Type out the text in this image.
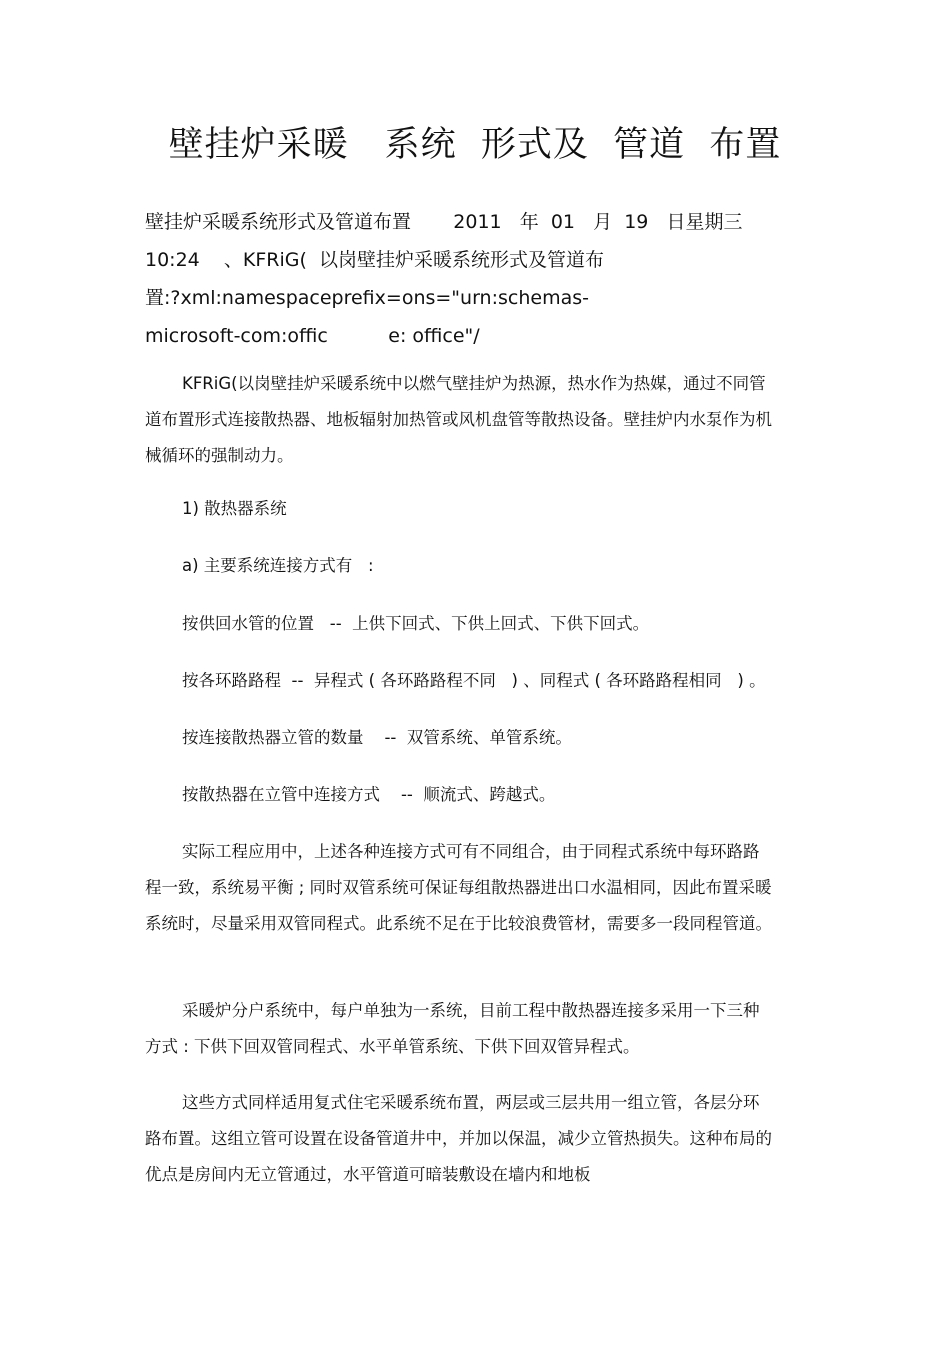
壁挂炉采暖　系统  形式及  管道  布置
壁挂炉采暖系统形式及管道布置       2011   年  01   月  19   日星期三
10:24    、KFRiG(  以岗壁挂炉采暖系统形式及管道布
置:?xml:namespaceprefix=ons="urn:schemas-
microsoft-com:offic          e: office"/

KFRiG(以岗壁挂炉采暖系统中以燃气壁挂炉为热源，热水作为热媒，通过不同管道布置形式连接散热器、地板辐射加热管或风机盘管等散热设备。壁挂炉内水泵作为机械循环的强制动力。

1) 散热器系统

a) 主要系统连接方式有   :

按供回水管的位置   --  上供下回式、下供上回式、下供下回式。

按各环路路程  --  异程式 ( 各环路路程不同   ) 、同程式 ( 各环路路程相同   ) 。

按连接散热器立管的数量    --  双管系统、单管系统。

按散热器在立管中连接方式    --  顺流式、跨越式。

实际工程应用中，上述各种连接方式可有不同组合，由于同程式系统中每环路路程一致，系统易平衡 ; 同时双管系统可保证每组散热器进出口水温相同，因此布置采暖系统时，尽量采用双管同程式。此系统不足在于比较浪费管材，需要多一段同程管道。

采暖炉分户系统中，每户单独为一系统，目前工程中散热器连接多采用一下三种方式 : 下供下回双管同程式、水平单管系统、下供下回双管异程式。

这些方式同样适用复式住宅采暖系统布置，两层或三层共用一组立管，各层分环路布置。这组立管可设置在设备管道井中，并加以保温，减少立管热损失。这种布局的优点是房间内无立管通过，水平管道可暗装敷设在墙内和地板
